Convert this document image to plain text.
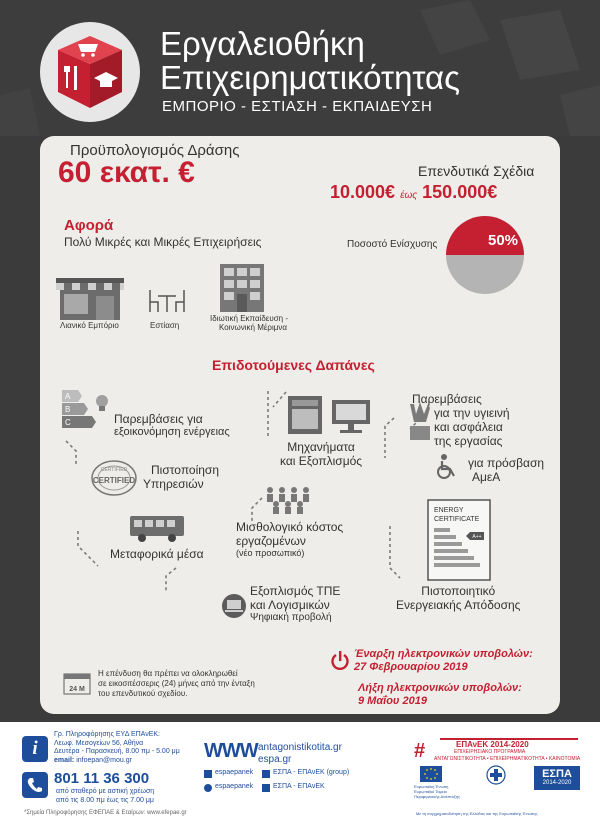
Εργαλειοθήκη
Επιχειρηματικότητας
ΕΜΠΟΡΙΟ - ΕΣΤΙΑΣΗ - ΕΚΠΑΙΔΕΥΣΗ
Προϋπολογισμός Δράσης
60 εκατ. €	Επενδυτικά Σχέδια
10.000€ έως 150.000€
Αφορά
Πολύ Μικρές και Μικρές Επιχειρήσεις
Λιανικό Εμπόριο	Εστίαση
Ιδιωτική Εκπαίδευση -
Κοινωνική Μέριμνα
Ποσοστό Ενίσχυσης	50%
Επιδοτούμενες Δαπάνες
A
B
C	Παρεμβάσεις για
εξοικονόμηση ενέργειας
CERTIFIED
CERTIFIED
Πιστοποίηση
Υπηρεσιών
Μεταφορικά μέσα
Μηχανήματα
και Εξοπλισμός
Μισθολογικό κόστος
εργαζομένων
(νέο προσωπικό)
Εξοπλισμός ΤΠΕ
και Λογισμικών
Ψηφιακή προβολή
Παρεμβάσεις
για την υγιεινή
και ασφάλεια
της εργασίας
για πρόσβαση
ΑμεΑ
ENERGY
CERTIFICATE
A++
Πιστοποιητικό
Ενεργειακής Απόδοσης
24 Μ
Η επένδυση θα πρέπει να ολοκληρωθεί
σε εικοσιτέσσερις (24) μήνες από την ένταξη
του επενδυτικού σχεδίου.
Έναρξη ηλεκτρονικών υποβολών:
27 Φεβρουαρίου 2019
Λήξη ηλεκτρονικών υποβολών:
9 Μαΐου 2019
i
Γρ. Πληροφόρησης ΕΥΔ ΕΠΑνΕΚ:
Λεωφ. Μεσογείων 56, Αθήνα
Δευτέρα - Παρασκευή, 8.00 πμ - 5.00 μμ
email: infoepan@mou.gr
801 11 36 300
από σταθερό με αστική χρέωση
από τις 8.00 πμ έως τις 7.00 μμ
*Σημεία Πληροφόρησης ΕΦΕΠΑΕ & Εταίρων: www.efepae.gr
WWW antagonistikotita.gr
espa.gr
espaepanek	ΕΣΠΑ - ΕΠΑνΕΚ (group)
espaepanek	ΕΣΠΑ - ΕΠΑνΕΚ
#	ΕΠΑνΕΚ 2014-2020
ΕΠΙΧΕΙΡΗΣΙΑΚΟ ΠΡΟΓΡΑΜΜΑ
ΑΝΤΑΓΩΝΙΣΤΙΚΟΤΗΤΑ • ΕΠΙΧΕΙΡΗΜΑΤΙΚΟΤΗΤΑ • ΚΑΙΝΟΤΟΜΙΑ
Ευρωπαϊκή Ένωση
Ευρωπαϊκό Ταμείο
Περιφερειακής Ανάπτυξης
ΕΣΠΑ
2014-2020
Με τη συγχρηματοδότηση της Ελλάδας και της Ευρωπαϊκής Ένωσης
